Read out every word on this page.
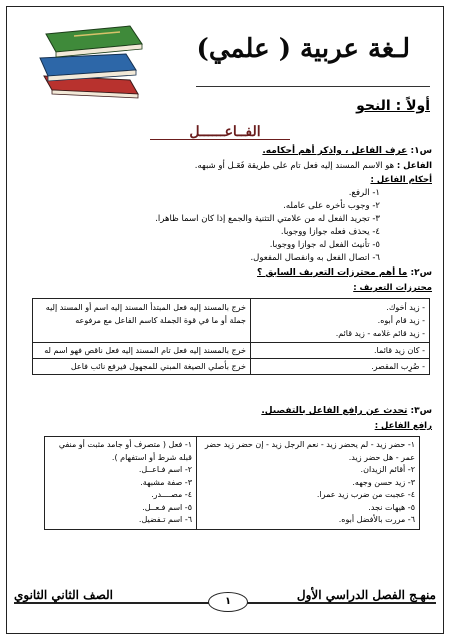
لـغة عربية ( علمي)
أولاً : النحو
الفــاعــــــل
س١: عرف الفاعل ، واذكر أهم أحكامه.
الفاعل : هو الاسم المسند إليه فعل تام على طريقة فَعَـل أو شبهه.
أحكام الفاعل :
١- الرفع.
٢- وجوب تأخره على عامله.
٣- تجريد الفعل له من علامتي التثنية والجمع إذا كان اسما ظاهرا.
٤- يحذف فعله جوازا ووجوبا.
٥- تأنيث الفعل له جوازا ووجوبا.
٦- اتصال الفعل به وانفصال المفعول.
س٢: ما أهم محترزات التعريف السابق ؟
محترزات التعريف :
- زيد أخوك.
- زيد قام أبوه.
- زيد قائم غلامه - زيد قائم.	خرج بالمسند إليه فعل المبتدأ المسند إليه اسم أو المسند إليه جملة أو ما في قوة الجملة كاسم الفاعل مع مرفوعه
- كان زيد قائما.	خرج بالمسند إليه فعل تام المسند إليه فعل ناقص فهو اسم له
- ضُرِب المقصر.	خرج بأصلي الصيغة المبني للمجهول فيرفع نائب فاعل
س٣: تحدث عن رافع الفاعل بالتفصيل.
رافع الفاعل :
١- حضر زيد - لم يحضر زيد - نعم الرجل زيد - إن حضر زيد حضر عمر - هل حضر زيد.
٢- أقائم الزيدان.
٣- زيد حسن وجهه.
٤- عجبت من ضرب زيد عمرا.
٥- هيهات نجد.
٦- مررت بالأفضل أبوه.

١- فعل ( متصرف أو جامد مثبت أو منفي قبله شرط أو استفهام ).
٢- اسم فـاعــل.
٣- صفة مشبهة.
٤- مصــــدر.
٥- اسم فـعــل.
٦- اسم تـفضيل.
منهـج الفصل الدراسي الأول
١
الصف الثاني الثانوي
